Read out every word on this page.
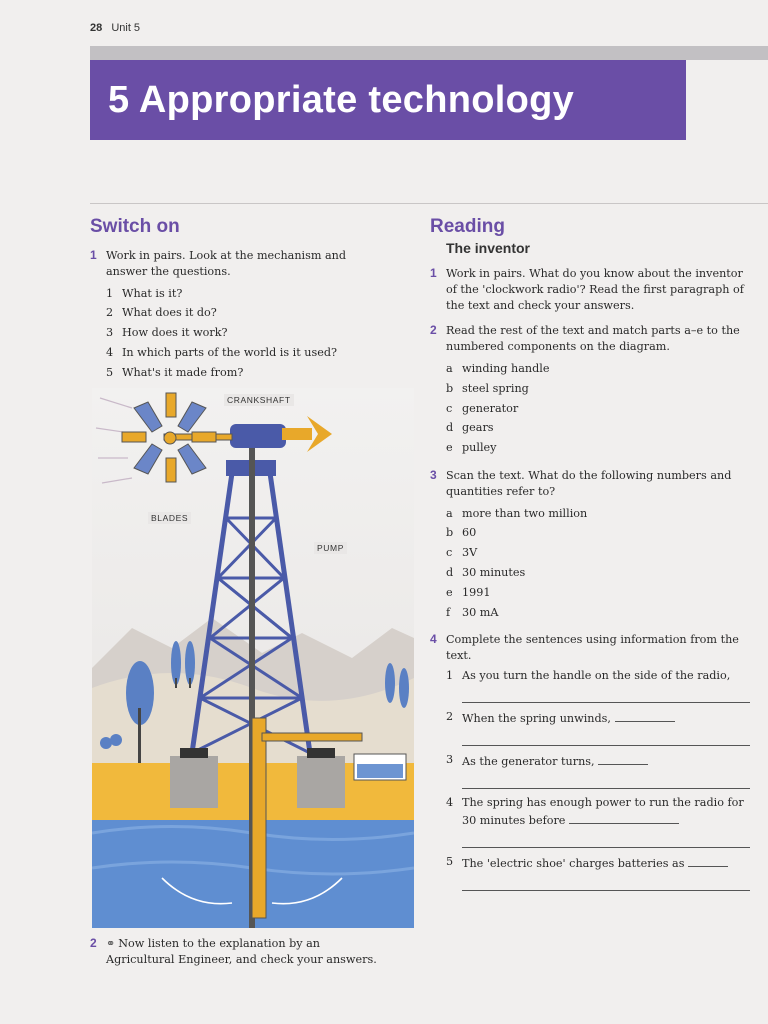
28 Unit 5
5 Appropriate technology
Switch on
1 Work in pairs. Look at the mechanism and answer the questions.
1 What is it?
2 What does it do?
3 How does it work?
4 In which parts of the world is it used?
5 What's it made from?
CRANKSHAFT
BLADES
PUMP
2 ⚭ Now listen to the explanation by an Agricultural Engineer, and check your answers.
Reading
The inventor
1 Work in pairs. What do you know about the inventor of the 'clockwork radio'? Read the first paragraph of the text and check your answers.
2 Read the rest of the text and match parts a–e to the numbered components on the diagram.
a winding handle
b steel spring
c generator
d gears
e pulley
3 Scan the text. What do the following numbers and quantities refer to?
a more than two million
b 60
c 3V
d 30 minutes
e 1991
f 30 mA
4 Complete the sentences using information from the text.
1 As you turn the handle on the side of the radio,
2 When the spring unwinds,
3 As the generator turns,
4 The spring has enough power to run the radio for 30 minutes before
5 The 'electric shoe' charges batteries as
